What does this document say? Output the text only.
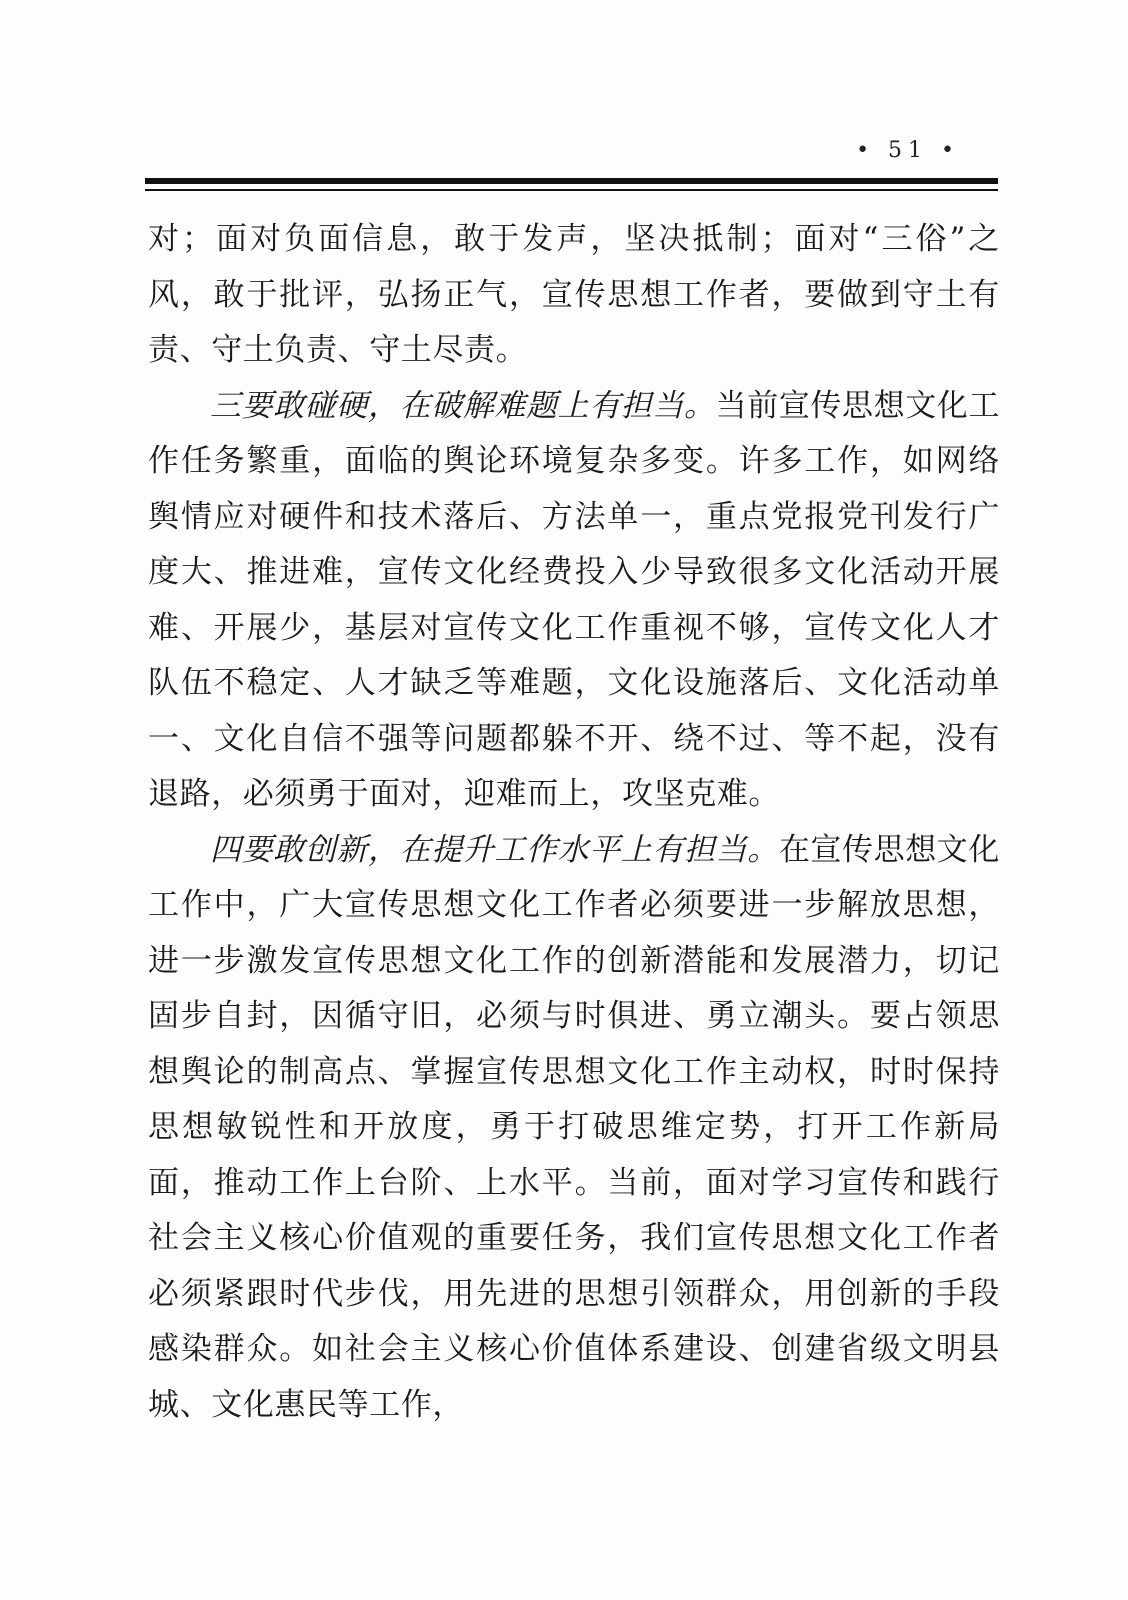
• 51 •

对；面对负面信息，敢于发声，坚决抵制；面对“三俗”之风，敢于批评，弘扬正气，宣传思想工作者，要做到守土有责、守土负责、守土尽责。

三要敢碰硬，在破解难题上有担当。当前宣传思想文化工作任务繁重，面临的舆论环境复杂多变。许多工作，如网络舆情应对硬件和技术落后、方法单一，重点党报党刊发行广度大、推进难，宣传文化经费投入少导致很多文化活动开展难、开展少，基层对宣传文化工作重视不够，宣传文化人才队伍不稳定、人才缺乏等难题，文化设施落后、文化活动单一、文化自信不强等问题都躲不开、绕不过、等不起，没有退路，必须勇于面对，迎难而上，攻坚克难。

四要敢创新，在提升工作水平上有担当。在宣传思想文化工作中，广大宣传思想文化工作者必须要进一步解放思想，进一步激发宣传思想文化工作的创新潜能和发展潜力，切记固步自封，因循守旧，必须与时俱进、勇立潮头。要占领思想舆论的制高点、掌握宣传思想文化工作主动权，时时保持思想敏锐性和开放度，勇于打破思维定势，打开工作新局面，推动工作上台阶、上水平。当前，面对学习宣传和践行社会主义核心价值观的重要任务，我们宣传思想文化工作者必须紧跟时代步伐，用先进的思想引领群众，用创新的手段感染群众。如社会主义核心价值体系建设、创建省级文明县城、文化惠民等工作，
